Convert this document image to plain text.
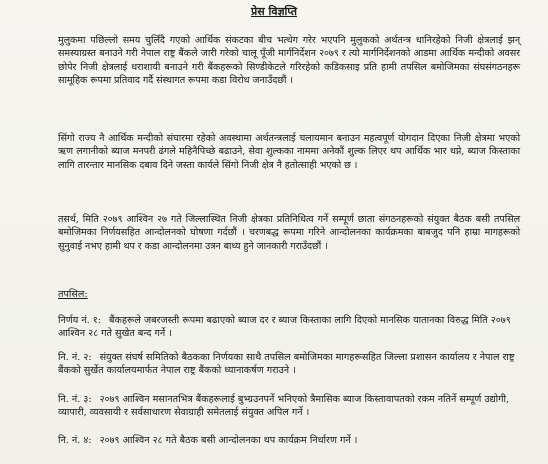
प्रेस विज्ञप्ति

मुलुकमा पछिल्लो समय चुलिँदै गएको आर्थिक संकटका बीच भत्थेग गरेर भएपनि मुलुकको अर्थतन्त्र धानिरहेको निजी क्षेत्रलाई झन् समस्याग्रस्त बनाउने गरी नेपाल राष्ट्र बैंकले जारी गरेको चालू पूँजी मार्गनिर्देशन २०७९ र त्यो मार्गनिर्देशनको आडमा आर्थिक मन्दीको अवसर छोपेर निजी क्षेत्रलाई धराशायी बनाउने गरी बैंकहरूको सिण्डीकेटले गरिरहेको कडिकसाइ प्रति हामी तपसिल बमोजिमका संघसंगठनहरू सामूहिक रूपमा प्रतिवाद गर्दै संस्थागत रूपमा कडा विरोध जनाउँदछौं ।

सिंगो राज्य नै आर्थिक मन्दीको संघारमा रहेको अवस्थामा अर्थतन्त्रलाई चलायमान बनाउन महत्वपूर्ण योगदान दिएका निजी क्षेत्रमा भएको ऋण लगानीको ब्याज मनपरी ढंगले महिनैपिच्छे बढाउने, सेवा शुल्कका नाममा अनेकौं शुल्क लिएर थप आर्थिक भार थप्ने, ब्याज किस्ताका लागि तारन्तार मानसिक दबाव दिने जस्ता कार्यले सिंगो निजी क्षेत्र नै हतोत्साही भएको छ ।

तसर्थ, मिति २०७९ आश्विन २७ गते जिल्लास्थित निजी क्षेत्रका प्रतिनिधित्व गर्ने सम्पूर्ण छाता संगठनहरूको संयुक्त बैठक बसी तपसिल बमोजिमका निर्णयसहित आन्दोलनको घोषणा गर्दछौं । चरणबद्ध रूपमा गरिने आन्दोलनका कार्यक्रमका बाबजुद पनि हाम्रा मागहरूको सुनुवाई नभए हामी थप र कडा आन्दोलनमा उत्रन बाध्य हुने जानकारी गराउँदछौं ।

तपसिल:

निर्णय नं. १: बैंकहरूले जबरजस्ती रूपमा बढाएको ब्याज दर र ब्याज किस्ताका लागि दिएको मानसिक यातानका विरुद्ध मिति २०७९ आश्विन २८ गते सुखेत बन्द गर्ने ।

नि. नं. २: संयुक्त संघर्ष समितिको बैठकका निर्णयका साथै तपसिल बमोजिमका मागहरूसहित जिल्ला प्रशासन कार्यालय र नेपाल राष्ट्र बैंकको सुर्खेत कार्यालयमार्फत नेपाल राष्ट्र बैंकको ध्यानाकर्षण गराउने ।

नि. नं. ३: २०७९ आश्विन मसानतभित्र बैंकहरूलाई बुभ्ग्रउनपर्ने भनिएको त्रैमासिक ब्याज किस्तावापतको रकम नतिर्ने सम्पूर्ण उद्योगी, व्यापारी, व्यवसायी र सर्वसाधारण सेवाग्राही समेतलाई संयुक्त अपिल गर्ने ।

नि. नं. ४: २०७९ आश्विन २८ गते बैठक बसी आन्दोलनका थप कार्यक्रम निर्धारण गर्ने ।
